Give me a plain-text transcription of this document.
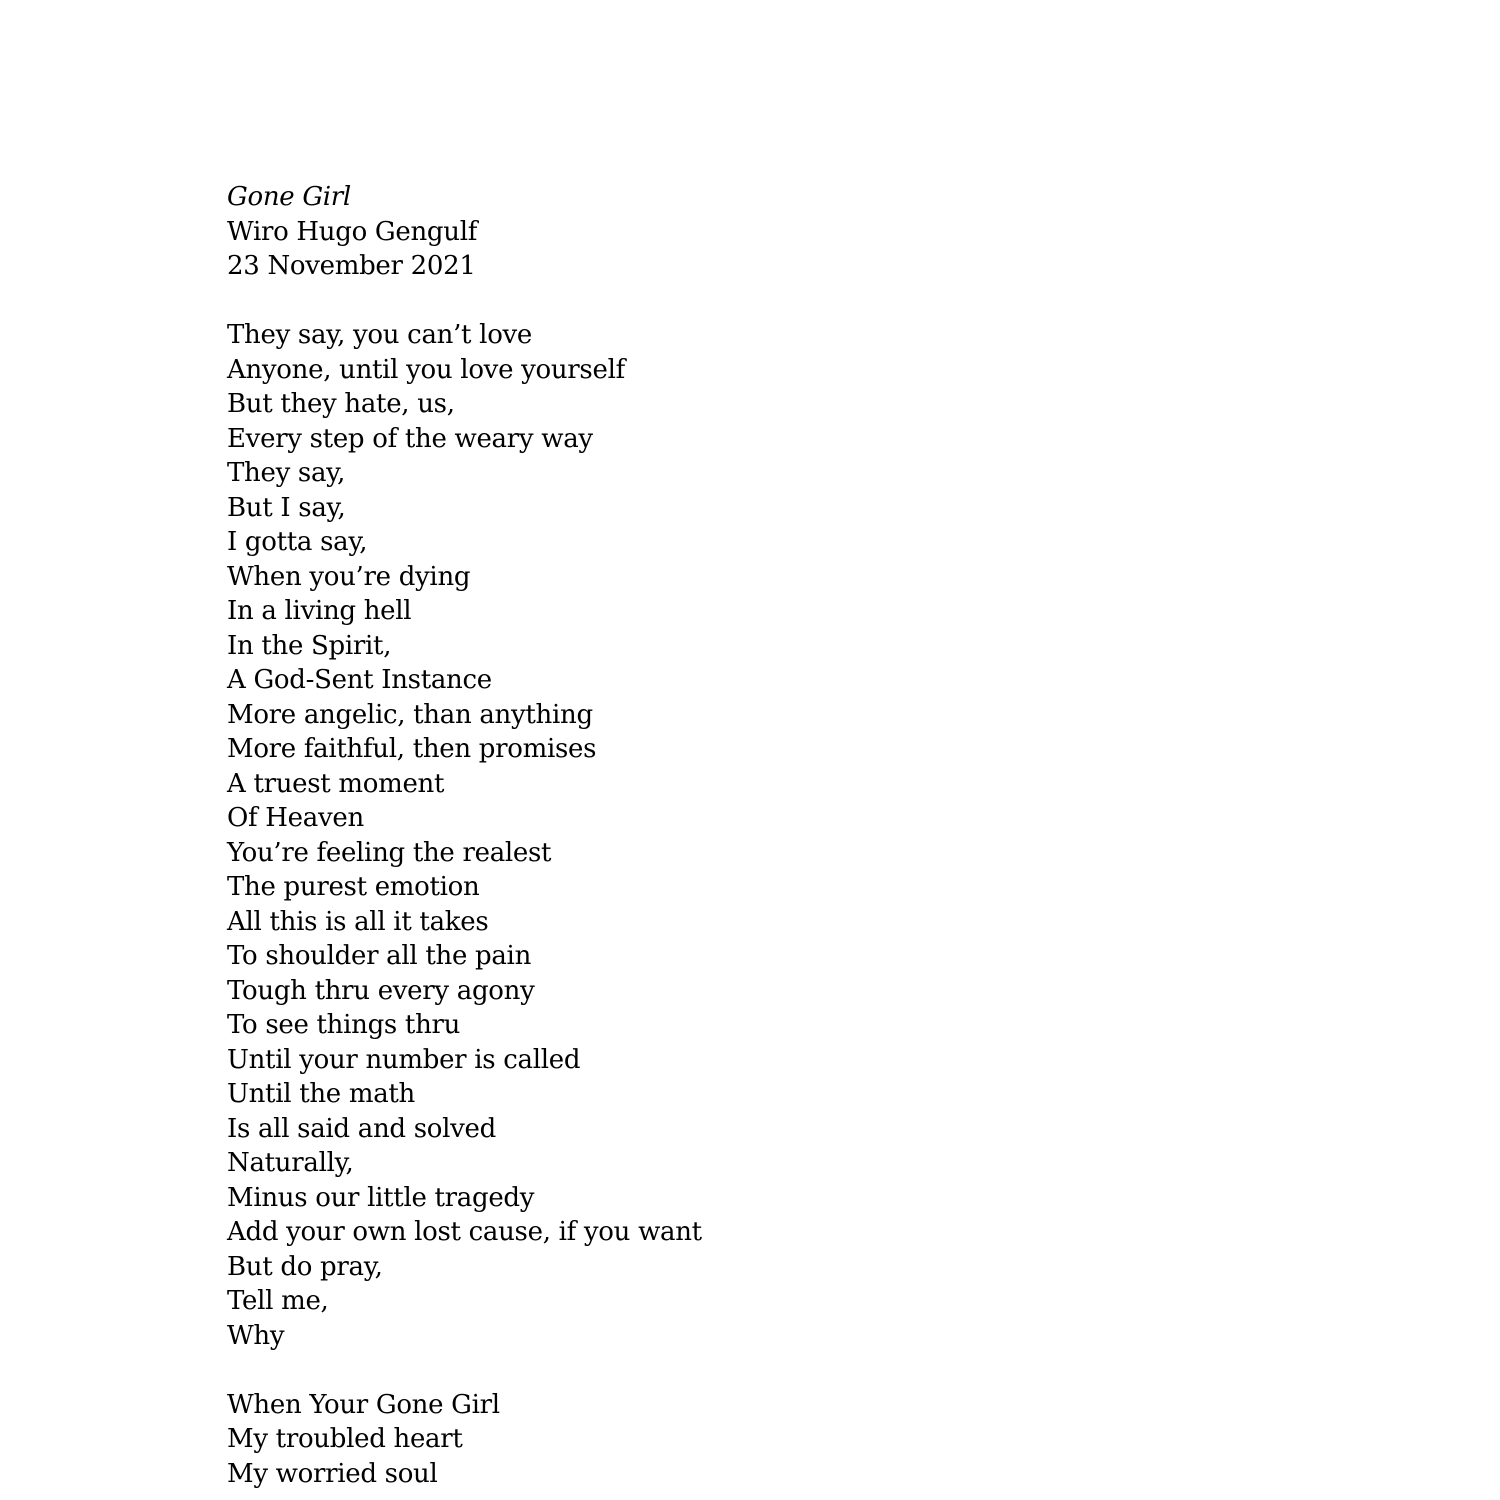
Gone Girl
Wiro Hugo Gengulf
23 November 2021
They say, you can’t love
Anyone, until you love yourself
But they hate, us,
Every step of the weary way
They say,
But I say,
I gotta say,
When you’re dying
In a living hell
In the Spirit,
A God-Sent Instance
More angelic, than anything
More faithful, then promises
A truest moment
Of Heaven
You’re feeling the realest
The purest emotion
All this is all it takes
To shoulder all the pain
Tough thru every agony
To see things thru
Until your number is called
Until the math
Is all said and solved
Naturally,
Minus our little tragedy
Add your own lost cause, if you want
But do pray,
Tell me,
Why
When Your Gone Girl
My troubled heart
My worried soul
